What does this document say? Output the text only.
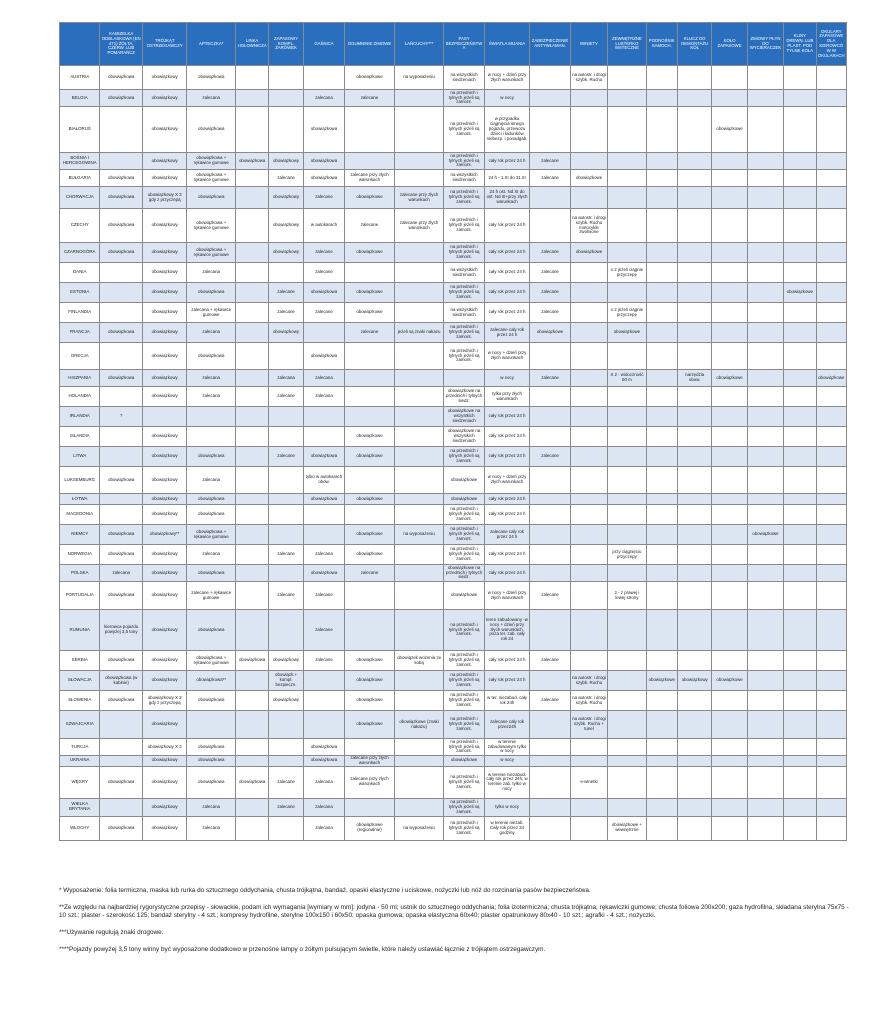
	KAMIZELKA ODBLASKOWA (EN 471) ŻÓŁTA, CZERW. LUB POMARAŃCZ	TRÓJKĄT OSTRZEGAWCZY	APTECZKA*	LINKA HOLOWNICZA	ZAPASOWY KOMPL. ŻARÓWEK	GAŚNICA	OGUMIENIE ZIMOWE	ŁAŃCUCHY***	PASY BEZPIECZEŃSTWA	ŚWIATŁA MIJANIA	ZABEZPIECZENIE ANTYWŁAMAN.	WINIETY	ZEWNĘTRZNE LUSTERKO WSTECZNE	PODNOŚNIK SAMOCH.	KLUCZ DO DEMONTAŻU KÓŁ	KOŁO ZAPASOWE	ZIMOWY PŁYN DO WYCIERACZEK	KLINY DREWN. LUB PLAST. POD TYLNE KOŁA	OKULARY ZAPASOWE DLA KIEROWCÓW W OKULARACH
AUSTRIA	obowiązkowa	obowiązkowy	obowiązkowa				obowiązkowe	na wyposażeniu	na wszystkich siedzeniach	w nocy + dzień przy złych warunkach		na autostr. i drogi szybk. Ruchu							
BELGIA	obowiązkowa	obowiązkowy	zalecana			zalecana	zalecane		na przednich i tylnych jeżeli są zamont.	w nocy									
BIAŁORUŚ		obowiązkowy	obowiązkowa			obowiązkowa			na przednich i tylnych jeżeli są zamont.	w przypadku ciągnięcia innego pojazdu, przewozu dzieci i ładunków niebezp. i ponadgab.						obowiązkowe			
BOŚNIA I HERCEGOWINA		obowiązkowy	obowiązkowa + rękawice gumowe	obowiązkowa	obowiązkowy	obowiązkowa			na przednich i tylnych jeżeli są zamont.	cały rok przez 24 h	zalecane								
BUŁGARIA	obowiązkowa	obowiązkowy	obowiązkowa + rękawice gumowe		zalecane	obowiązkowa	zalecane przy złych warunkach		na wszystkich siedzeniach	24 h - 1.XI do 31.III	zalecane	obowiązkowe							
CHORWACJA	obowiązkowa	obowiązkowy X 2 gdy z przyczepą	obowiązkowa		obowiązkowy	zalecane	obowiązkowe	zalecane przy złych warunkach	na przednich i tylnych jeżeli są zamont.	24 h ost. Nd XI do ost. Nd III+przy złych warunkach									
CZECHY	obowiązkowa	obowiązkowy	obowiązkowa + rękawice gumowe		obowiązkowy	w autokarach	zalecane	zalecane przy złych warunkach	na przednich i tylnych jeżeli są zamont.	cały rok przez 24 h		na autostr. i drogi szybk. Ruchu motocykle zwolnione							
CZARNOGÓRA	obowiązkowa	obowiązkowy	obowiązkowa + rękawice gumowe		obowiązkowy	zalecane	obowiązkowe		na przednich i tylnych jeżeli są zamont.	cały rok przez 24 h	zalecane	obowiązkowe							
DANIA		obowiązkowy	zalecana			zalecane			na wszystkich siedzeniach	cały rok przez 24 h	zalecane		x 2 jeżeli ciągnie przyczepę						
ESTONIA		obowiązkowy	obowiązkowa		zalecane	obowiązkowa	obowiązkowe		na przednich i tylnych jeżeli są zamont.	cały rok przez 24 h	zalecane							obowiązkowe	
FINLANDIA		obowiązkowy	zalecana + rękawice gumowe		zalecane	zalecane	obowiązkowe		na wszystkich siedzeniach	cały rok przez 24 h	zalecane		x 2 jeżeli ciągnie przyczepę						
FRANCJA	obowiązkowa	obowiązkowy	zalecana		obowiązkowy		zalecane	jeżeli są znaki nakazu	na przednich i tylnych jeżeli są zamont.	zalecane cały rok przez 24 h	obowiązkowe		obowiązkowe						
GRECJA		obowiązkowy	obowiązkowa			obowiązkowa			na przednich i tylnych jeżeli są zamont.	w nocy + dzień przy złych warunkach									
HISZPANIA	obowiązkowa	obowiązkowy	zalecana		zalecana	zalecana				w nocy	zalecane		X 2 - widoczność 50 m		narzędzia obow.	obowiązkowe			obowiązkowe
HOLANDIA		obowiązkowy	zalecana		zalecane	zalecana			obowiązkowe na przednich i tylnych siedz.	tylko przy złych warunkach									
IRLANDIA	?								obowiązkowe na wszystkich siedzeniach	cały rok przez 24 h									
ISLANDIA		obowiązkowy					obowiązkowe		obowiązkowe na wszystkich siedzeniach	cały rok przez 24 h									
LITWA		obowiązkowy	obowiązkowa		zalecane	obowiązkowa	obowiązkowe		na przednich i tylnych jeżeli są zamont.	cały rok przez 24 h	zalecane								
LUKSEMBURG	obowiązkowa	obowiązkowy	zalecana			tylko w autokarach obow.			obowiązkowe	w nocy + dzień przy złych warunkach									
ŁOTWA		obowiązkowy	obowiązkowa			obowiązkowa	obowiązkowe		obowiązkowe	cały rok przez 24 h									
MACEDONIA		obowiązkowy	obowiązkowa						na przednich i tylnych jeżeli są zamont.	cały rok przez 24 h									
NIEMCY	obowiązkowa	obowiązkowy**	obowiązkowa + rękawice gumowe				obowiązkowe	na wyposażeniu	na przednich i tylnych jeżeli są zamont.	zalecane cały rok przez 24 h							obowiązkowe		
NORWEGIA	obowiązkowa	obowiązkowy	zalecana		zalecane	zalecana	obowiązkowe		na przednich i tylnych jeżeli są zamont.	cały rok przez 24 h			przy ciągnięciu przyczepy						
POLSKA	zalecana	obowiązkowy	obowiązkowa			obowiązkowa	zalecane		obowiązkowe na przednich i tylnych siedz.	cały rok przez 24 h									
PORTUGALIA	obowiązkowa	obowiązkowy	zalecane + rękawice gumowe		zalecane	zalecane			obowiązkowe	w nocy + dzień przy złych warunkach	zalecane		2 - z prawej i lewej strony						
RUMUNIA	kierowca pojazdu powyżej 3,5 tony	obowiązkowy	obowiązkowa			zalecane			na przednich i tylnych jeżeli są zamont.	teren zabudowany -w nocy + dzień przy złych warunkach, poza ter. zab. cały rok 24									
SERBIA	obowiązkowa	obowiązkowy	obowiązkowa + rękawice gumowe	obowiązkowa	obowiązkowy	zalecane	obowiązkowe	obowiązek wożenia ze sobą	na przednich i tylnych jeżeli są zamont.	cały rok przez 24 h	zalecane								
SŁOWACJA	obowiązkowa (w kabinie)	obowiązkowy	obowiązkowa**		obowiązk.+ kompl. bezpieczn.		obowiązkowe		na przednich i tylnych jeżeli są zamont.	cały rok przez 24 h		na autostr. i drogi szybk. Ruchu		obowiązkowe	obowiązkowy	obowiązkowe			
SŁOWENIA	obowiązkowa	obowiązkowy X 2 gdy z przyczepą	obowiązkowa		obowiązkowy		obowiązkowe		na przednich i tylnych jeżeli są zamont.	w ter. niezabud. cały rok 24h	zalecane	na autostr. i drogi szybk. Ruchu							
SZWAJCARIA		obowiązkowy					obowiązkowe	obowiązkowe (znaki nakazu)	na przednich i tylnych jeżeli są zamont.	zalecane cały rok przez24h		na autostr. i drogi szybk. Ruchu + tunel							
TURCJA		obowiązkowy X 2	obowiązkowa			obowiązkowa			na przednich i tylnych jeżeli są zamont.	w terenie zabudowanym tylko w nocy									
UKRAINA		obowiązkowy	obowiązkowa			obowiązkowa	zalecane przy złych warunkach		obowiązkowe	w nocy									
WĘGRY	obowiązkowa	obowiązkowy	obowiązkowa	obowiązkowa	zalecane	zalecana	zalecane przy złych warunkach		na przednich i tylnych jeżeli są zamont.	w terenie niezabud. cały rok przez 24h, w terenie zab. tylko w nocy		e-winetki							
WIELKA BRYTANIA		obowiązkowy	zalecana		zalecane	zalecana			na przednich i tylnych jeżeli są zamont.	tylko w nocy									
WŁOCHY	obowiązkowa	obowiązkowy	zalecana			zalecana	obowiązkowe (regionalnie)	na wyposażeniu	na przednich i tylnych jeżeli są zamont.	w terenie niezab. Cały rok przez 24 godziny			obowiązkowe + wewnętrzne						

* Wyposażenie: folia termiczna, maska lub rurka do sztucznego oddychania, chusta trójkątna, bandaż, opaski elastyczne i uciskowe, nożyczki lub nóż do rozcinania pasów bezpieczeństwa.

**Ze względu na najbardziej rygorystyczne przepisy - słowackie, podam ich wymagania [wymiary w mm]: jodyna - 50 ml; ustnik do sztucznego oddychania; folia izotermiczna; chusta trójkątna; rękawiczki gumowe; chusta foliowa 200x200; gaza hydrofilna, składana sterylna 75x75 - 10 szt.; plaster - szerokość 125; bandaż sterylny - 4 szt.; kompresy hydrofilne, sterylne 100x150 i 60x50; opaska gumowa; opaska elastyczna 60x40; plaster opatrunkowy 80x40 - 10 szt.; agrafki - 4 szt.; nożyczki.

***Używanie regulują znaki drogowe.

****Pojazdy powyżej 3,5 tony winny być wyposażone dodatkowo w przenośne lampy o żółtym pulsującym świetle, które należy ustawiać łącznie z trójkątem ostrzegawczym.
